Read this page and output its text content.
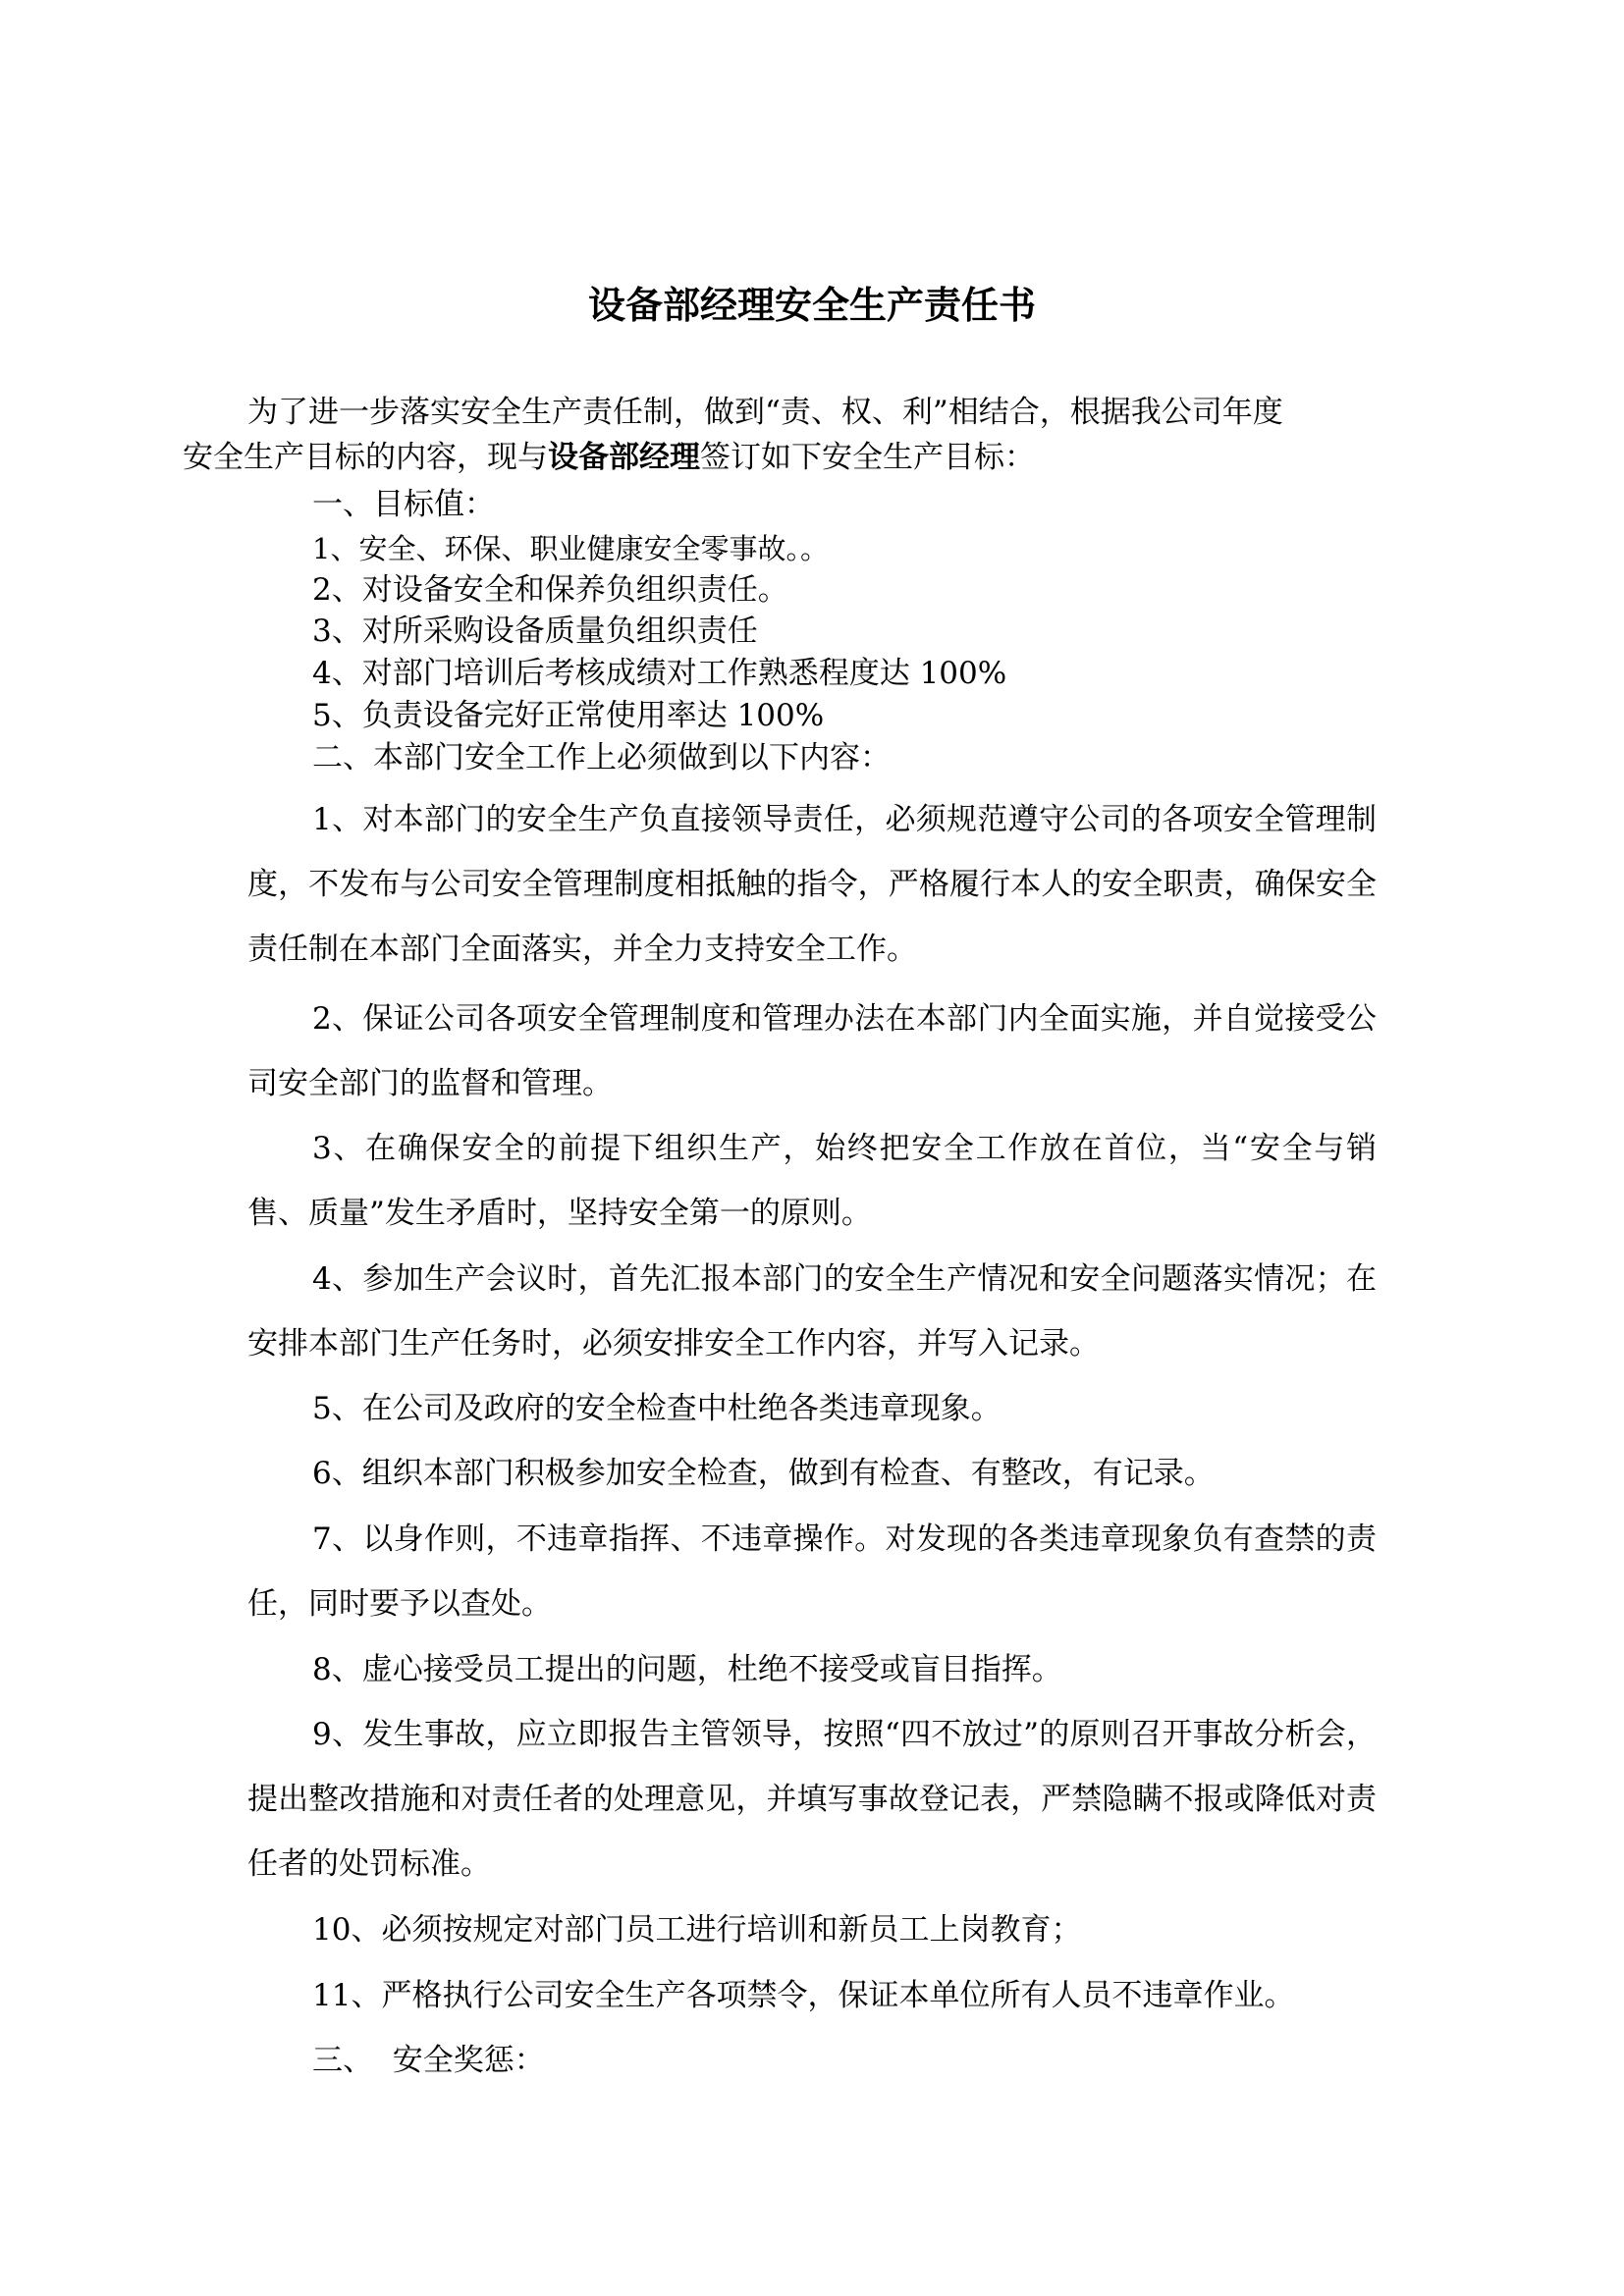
设备部经理安全生产责任书
为了进一步落实安全生产责任制，做到“责、权、利”相结合，根据我公司年度安全生产目标的内容，现与设备部经理签订如下安全生产目标：
一、目标值：
1、安全、环保、职业健康安全零事故。。
2、对设备安全和保养负组织责任。
3、对所采购设备质量负组织责任
4、对部门培训后考核成绩对工作熟悉程度达 100%
5、负责设备完好正常使用率达 100%
二、本部门安全工作上必须做到以下内容：
1、对本部门的安全生产负直接领导责任，必须规范遵守公司的各项安全管理制度，不发布与公司安全管理制度相抵触的指令，严格履行本人的安全职责，确保安全责任制在本部门全面落实，并全力支持安全工作。
2、保证公司各项安全管理制度和管理办法在本部门内全面实施，并自觉接受公司安全部门的监督和管理。
3、在确保安全的前提下组织生产，始终把安全工作放在首位，当“安全与销售、质量”发生矛盾时，坚持安全第一的原则。
4、参加生产会议时，首先汇报本部门的安全生产情况和安全问题落实情况；在安排本部门生产任务时，必须安排安全工作内容，并写入记录。
5、在公司及政府的安全检查中杜绝各类违章现象。
6、组织本部门积极参加安全检查，做到有检查、有整改，有记录。
7、以身作则，不违章指挥、不违章操作。对发现的各类违章现象负有查禁的责任，同时要予以查处。
8、虚心接受员工提出的问题，杜绝不接受或盲目指挥。
9、发生事故，应立即报告主管领导，按照“四不放过”的原则召开事故分析会，提出整改措施和对责任者的处理意见，并填写事故登记表，严禁隐瞒不报或降低对责任者的处罚标准。
10、必须按规定对部门员工进行培训和新员工上岗教育；
11、严格执行公司安全生产各项禁令，保证本单位所有人员不违章作业。
三、  安全奖惩：
